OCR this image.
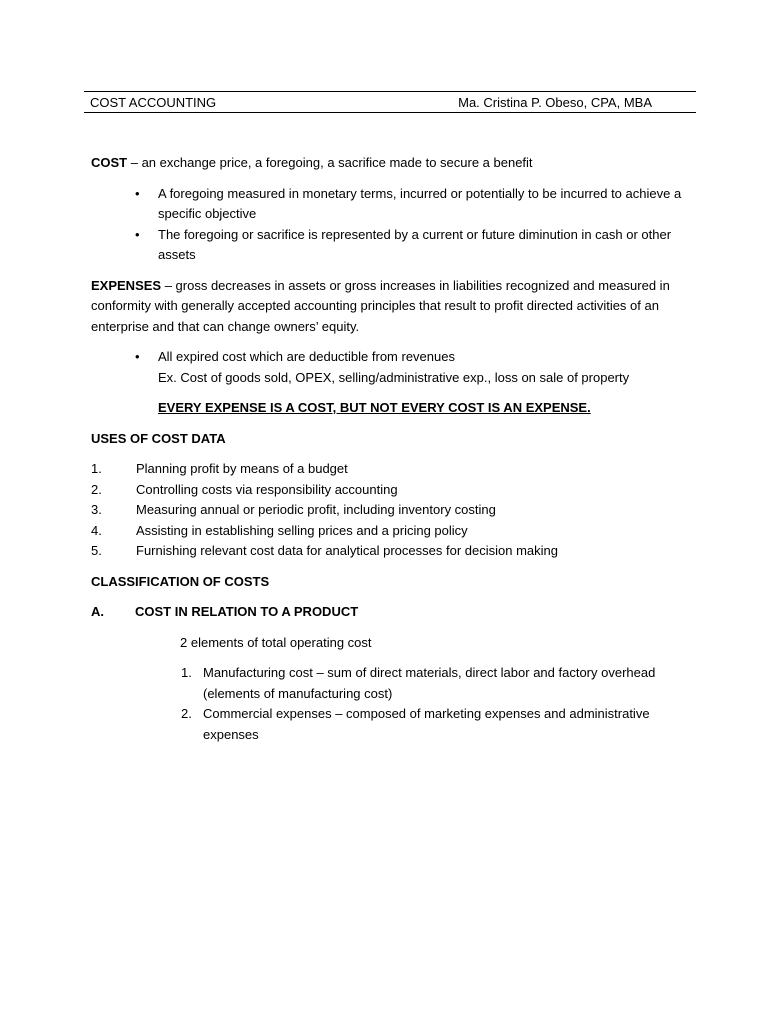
COST ACCOUNTING	Ma. Cristina P. Obeso, CPA, MBA

COST – an exchange price, a foregoing, a sacrifice made to secure a benefit

• A foregoing measured in monetary terms, incurred or potentially to be incurred to achieve a specific objective
• The foregoing or sacrifice is represented by a current or future diminution in cash or other assets

EXPENSES – gross decreases in assets or gross increases in liabilities recognized and measured in conformity with generally accepted accounting principles that result to profit directed activities of an enterprise and that can change owners’ equity.

• All expired cost which are deductible from revenues
Ex. Cost of goods sold, OPEX, selling/administrative exp., loss on sale of property

EVERY EXPENSE IS A COST, BUT NOT EVERY COST IS AN EXPENSE.

USES OF COST DATA

1.	Planning profit by means of a budget
2.	Controlling costs via responsibility accounting
3.	Measuring annual or periodic profit, including inventory costing
4.	Assisting in establishing selling prices and a pricing policy
5.	Furnishing relevant cost data for analytical processes for decision making

CLASSIFICATION OF COSTS

A.	COST IN RELATION TO A PRODUCT

2 elements of total operating cost

1. Manufacturing cost – sum of direct materials, direct labor and factory overhead (elements of manufacturing cost)
2. Commercial expenses – composed of marketing expenses and administrative expenses
